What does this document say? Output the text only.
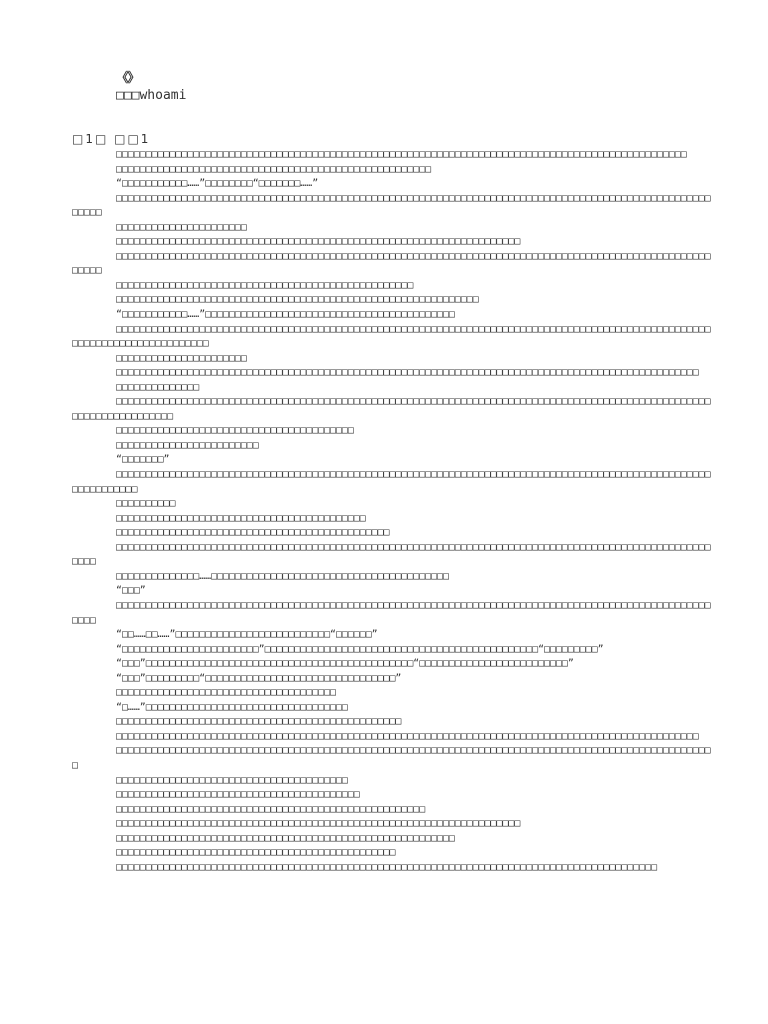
《》
□□□whoami
□1□ □□1

□□□□□□□□□□□□□□□□□□□□□□□□□□□□□□□□□□□□□□□□□□□□□□□□□□□□□□□□□□□□□□□□□□□□□□□□□□□□□□□□□□□□□□□□□□□□□□□□

□□□□□□□□□□□□□□□□□□□□□□□□□□□□□□□□□□□□□□□□□□□□□□□□□□□□□

“□□□□□□□□□□□……”□□□□□□□□“□□□□□□□……”

□□□□□□□□□□□□□□□□□□□□□□□□□□□□□□□□□□□□□□□□□□□□□□□□□□□□□□□□□□□□□□□□□□□□□□□□□□□□□□□□□□□□□□□□□□□□□□□□□□□□□□□□□

□□□□□□□□□□□□□□□□□□□□□□

□□□□□□□□□□□□□□□□□□□□□□□□□□□□□□□□□□□□□□□□□□□□□□□□□□□□□□□□□□□□□□□□□□□□

□□□□□□□□□□□□□□□□□□□□□□□□□□□□□□□□□□□□□□□□□□□□□□□□□□□□□□□□□□□□□□□□□□□□□□□□□□□□□□□□□□□□□□□□□□□□□□□□□□□□□□□□□

□□□□□□□□□□□□□□□□□□□□□□□□□□□□□□□□□□□□□□□□□□□□□□□□□□

□□□□□□□□□□□□□□□□□□□□□□□□□□□□□□□□□□□□□□□□□□□□□□□□□□□□□□□□□□□□□

“□□□□□□□□□□□……”□□□□□□□□□□□□□□□□□□□□□□□□□□□□□□□□□□□□□□□□□□

□□□□□□□□□□□□□□□□□□□□□□□□□□□□□□□□□□□□□□□□□□□□□□□□□□□□□□□□□□□□□□□□□□□□□□□□□□□□□□□□□□□□□□□□□□□□□□□□□□□□□□□□□□□□□□□□□□□□□□□□□□□

□□□□□□□□□□□□□□□□□□□□□□

□□□□□□□□□□□□□□□□□□□□□□□□□□□□□□□□□□□□□□□□□□□□□□□□□□□□□□□□□□□□□□□□□□□□□□□□□□□□□□□□□□□□□□□□□□□□□□□□□□

□□□□□□□□□□□□□□

□□□□□□□□□□□□□□□□□□□□□□□□□□□□□□□□□□□□□□□□□□□□□□□□□□□□□□□□□□□□□□□□□□□□□□□□□□□□□□□□□□□□□□□□□□□□□□□□□□□□□□□□□□□□□□□□□□□□□

□□□□□□□□□□□□□□□□□□□□□□□□□□□□□□□□□□□□□□□□

□□□□□□□□□□□□□□□□□□□□□□□□

“□□□□□□□”

□□□□□□□□□□□□□□□□□□□□□□□□□□□□□□□□□□□□□□□□□□□□□□□□□□□□□□□□□□□□□□□□□□□□□□□□□□□□□□□□□□□□□□□□□□□□□□□□□□□□□□□□□□□□□□□

□□□□□□□□□□

□□□□□□□□□□□□□□□□□□□□□□□□□□□□□□□□□□□□□□□□□□

□□□□□□□□□□□□□□□□□□□□□□□□□□□□□□□□□□□□□□□□□□□□□□

□□□□□□□□□□□□□□□□□□□□□□□□□□□□□□□□□□□□□□□□□□□□□□□□□□□□□□□□□□□□□□□□□□□□□□□□□□□□□□□□□□□□□□□□□□□□□□□□□□□□□□□□

□□□□□□□□□□□□□□……□□□□□□□□□□□□□□□□□□□□□□□□□□□□□□□□□□□□□□□□

“□□□”

□□□□□□□□□□□□□□□□□□□□□□□□□□□□□□□□□□□□□□□□□□□□□□□□□□□□□□□□□□□□□□□□□□□□□□□□□□□□□□□□□□□□□□□□□□□□□□□□□□□□□□□□

“□□……□□……”□□□□□□□□□□□□□□□□□□□□□□□□□□“□□□□□□”

“□□□□□□□□□□□□□□□□□□□□□□□”□□□□□□□□□□□□□□□□□□□□□□□□□□□□□□□□□□□□□□□□□□□□□□“□□□□□□□□□”

“□□□”□□□□□□□□□□□□□□□□□□□□□□□□□□□□□□□□□□□□□□□□□□□□□“□□□□□□□□□□□□□□□□□□□□□□□□□”

“□□□”□□□□□□□□□“□□□□□□□□□□□□□□□□□□□□□□□□□□□□□□□□”

□□□□□□□□□□□□□□□□□□□□□□□□□□□□□□□□□□□□□

“□……”□□□□□□□□□□□□□□□□□□□□□□□□□□□□□□□□□□

□□□□□□□□□□□□□□□□□□□□□□□□□□□□□□□□□□□□□□□□□□□□□□□□

□□□□□□□□□□□□□□□□□□□□□□□□□□□□□□□□□□□□□□□□□□□□□□□□□□□□□□□□□□□□□□□□□□□□□□□□□□□□□□□□□□□□□□□□□□□□□□□□□□

□□□□□□□□□□□□□□□□□□□□□□□□□□□□□□□□□□□□□□□□□□□□□□□□□□□□□□□□□□□□□□□□□□□□□□□□□□□□□□□□□□□□□□□□□□□□□□□□□□□□□

□□□□□□□□□□□□□□□□□□□□□□□□□□□□□□□□□□□□□□□

□□□□□□□□□□□□□□□□□□□□□□□□□□□□□□□□□□□□□□□□□

□□□□□□□□□□□□□□□□□□□□□□□□□□□□□□□□□□□□□□□□□□□□□□□□□□□□

□□□□□□□□□□□□□□□□□□□□□□□□□□□□□□□□□□□□□□□□□□□□□□□□□□□□□□□□□□□□□□□□□□□□

□□□□□□□□□□□□□□□□□□□□□□□□□□□□□□□□□□□□□□□□□□□□□□□□□□□□□□□□□

□□□□□□□□□□□□□□□□□□□□□□□□□□□□□□□□□□□□□□□□□□□□□□□

□□□□□□□□□□□□□□□□□□□□□□□□□□□□□□□□□□□□□□□□□□□□□□□□□□□□□□□□□□□□□□□□□□□□□□□□□□□□□□□□□□□□□□□□□□□
